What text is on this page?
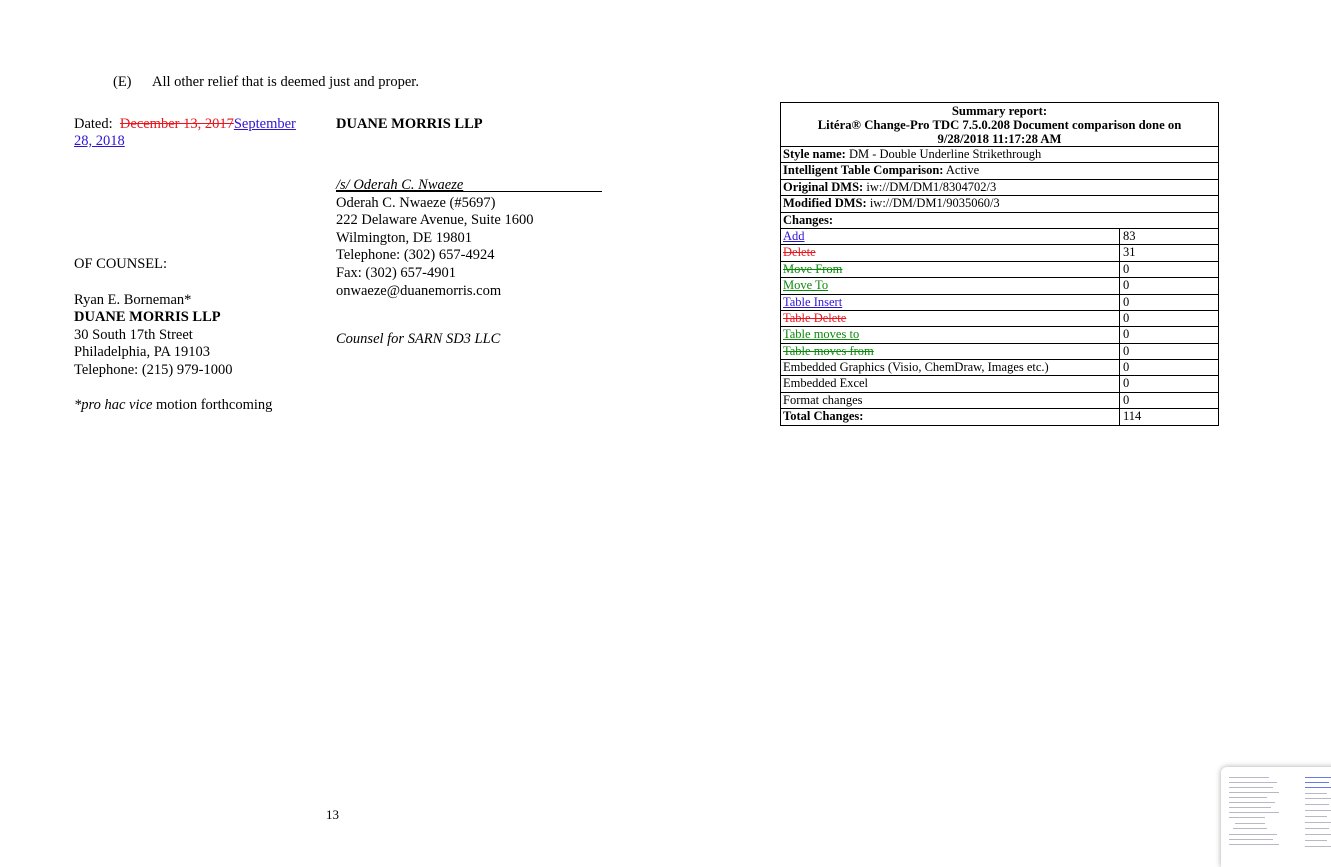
(E) All other relief that is deemed just and proper.
Dated: December 13, 2017September
28, 2018
DUANE MORRIS LLP
/s/ Oderah C. Nwaeze
Oderah C. Nwaeze (#5697)
222 Delaware Avenue, Suite 1600
Wilmington, DE 19801
Telephone: (302) 657-4924
Fax: (302) 657-4901
onwaeze@duanemorris.com
Counsel for SARN SD3 LLC
OF COUNSEL:
Ryan E. Borneman*
DUANE MORRIS LLP
30 South 17th Street
Philadelphia, PA 19103
Telephone: (215) 979-1000
*pro hac vice motion forthcoming
13
Summary report:
Litéra® Change-Pro TDC 7.5.0.208 Document comparison done on
9/28/2018 11:17:28 AM
Style name: DM - Double Underline Strikethrough
Intelligent Table Comparison: Active
Original DMS: iw://DM/DM1/8304702/3
Modified DMS: iw://DM/DM1/9035060/3
Changes:
Add	83
Delete	31
Move From	0
Move To	0
Table Insert	0
Table Delete	0
Table moves to	0
Table moves from	0
Embedded Graphics (Visio, ChemDraw, Images etc.)	0
Embedded Excel	0
Format changes	0
Total Changes:	114
